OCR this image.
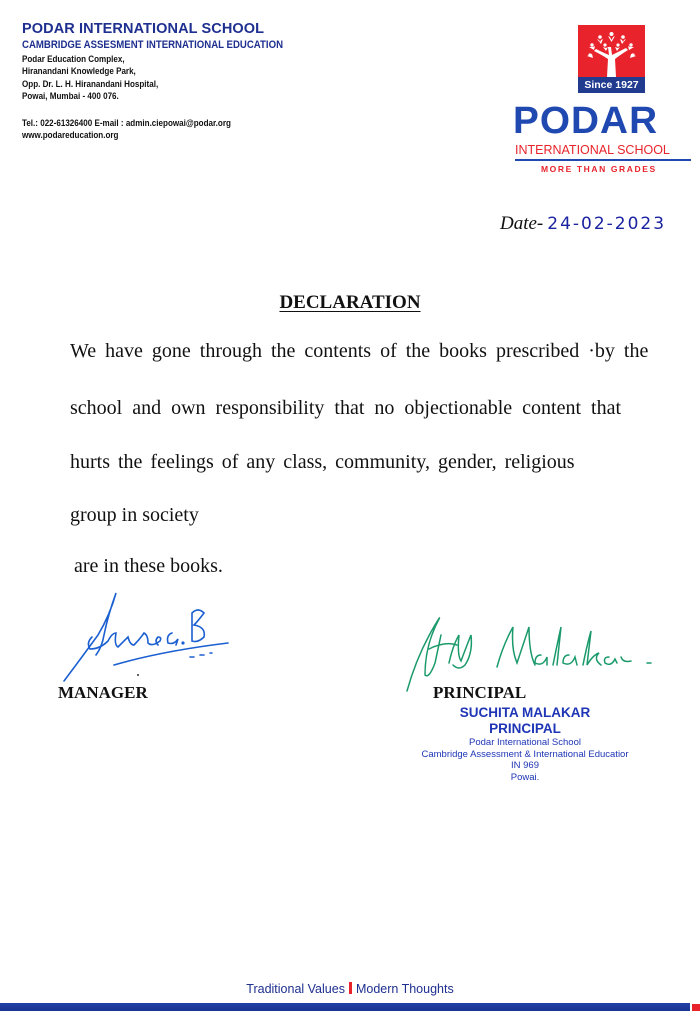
PODAR INTERNATIONAL SCHOOL
CAMBRIDGE ASSESMENT INTERNATIONAL EDUCATION
Podar Education Complex,
Hiranandani Knowledge Park,
Opp. Dr. L. H. Hiranandani Hospital,
Powai, Mumbai - 400 076.
Tel.: 022-61326400 E-mail : admin.ciepowai@podar.org
www.podareducation.org
Since 1927
PODAR
INTERNATIONAL SCHOOL
MORE THAN GRADES
Date- 24-02-2023
DECLARATION
We have gone through the contents of the books prescribed ·by the
school and own responsibility that no objectionable content that
hurts the feelings of any class, community, gender, religious
group in society
are in these books.
MANAGER	PRINCIPAL
SUCHITA MALAKAR
PRINCIPAL
Podar International School
Cambridge Assessment & International Educatior
IN 969
Powai.
Traditional Values Modern Thoughts
